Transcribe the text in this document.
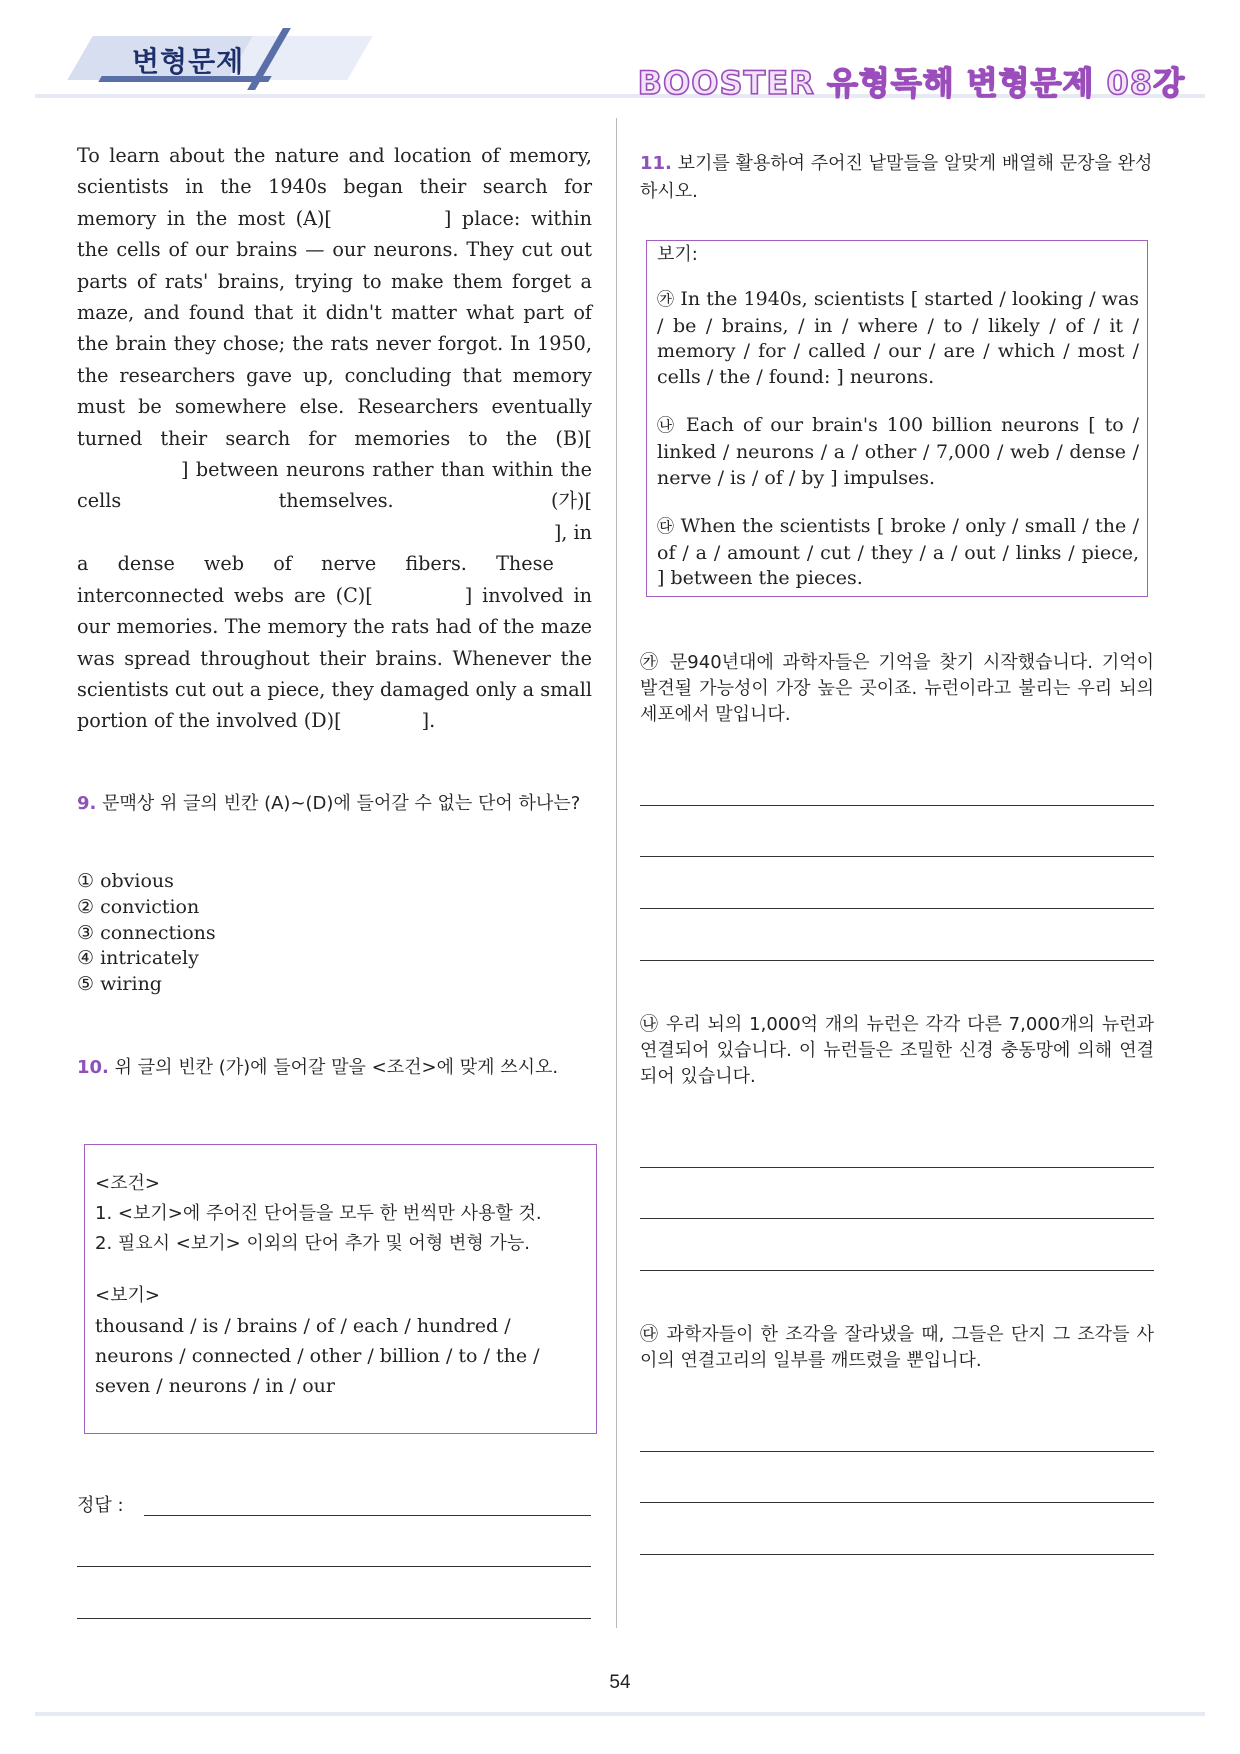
변형문제
BOOSTER 유형독해 변형문제 08강
To learn about the nature and location of memory, scientists in the 1940s began their search for memory in the most (A)[	] place: within the cells of our brains — our neurons. They cut out parts of rats' brains, trying to make them forget a maze, and found that it didn't matter what part of the brain they chose; the rats never forgot. In 1950, the researchers gave up, concluding that memory must be somewhere else. Researchers eventually turned their search for memories to the (B)[] between neurons rather than within the cells themselves. (가)[
], in

a dense web of nerve fibers. These interconnected webs are (C)[	] involved in our memories. The memory the rats had of the maze was spread throughout their brains. Whenever the scientists cut out a piece, they damaged only a small portion of the involved (D)[	].
9. 문맥상 위 글의 빈칸 (A)~(D)에 들어갈 수 없는 단어 하나는?
① obvious
② conviction
③ connections
④ intricately
⑤ wiring
10. 위 글의 빈칸 (가)에 들어갈 말을 <조건>에 맞게 쓰시오.
<조건>
1. <보기>에 주어진 단어들을 모두 한 번씩만 사용할 것.
2. 필요시 <보기> 이외의 단어 추가 및 어형 변형 가능.
<보기>
thousand / is / brains / of / each / hundred /
neurons / connected / other / billion / to / the /
seven / neurons / in / our
정답 :
11. 보기를 활용하여 주어진 낱말들을 알맞게 배열해 문장을 완성하시오.
보기:
㉮ In the 1940s, scientists [ started / looking / was / be / brains, / in / where / to / likely / of / it / memory / for / called / our / are / which / most / cells / the / found: ] neurons.
㉯ Each of our brain's 100 billion neurons [ to / linked / neurons / a / other / 7,000 / web / dense / nerve / is / of / by ] impulses.
㉰ When the scientists [ broke / only / small / the / of / a / amount / cut / they / a / out / links / piece, ] between the pieces.
㉮ 문940년대에 과학자들은 기억을 찾기 시작했습니다. 기억이 발견될 가능성이 가장 높은 곳이죠. 뉴런이라고 불리는 우리 뇌의 세포에서 말입니다.
㉯ 우리 뇌의 1,000억 개의 뉴런은 각각 다른 7,000개의 뉴런과 연결되어 있습니다. 이 뉴런들은 조밀한 신경 충동망에 의해 연결되어 있습니다.
㉰ 과학자들이 한 조각을 잘라냈을 때, 그들은 단지 그 조각들 사이의 연결고리의 일부를 깨뜨렸을 뿐입니다.
54
